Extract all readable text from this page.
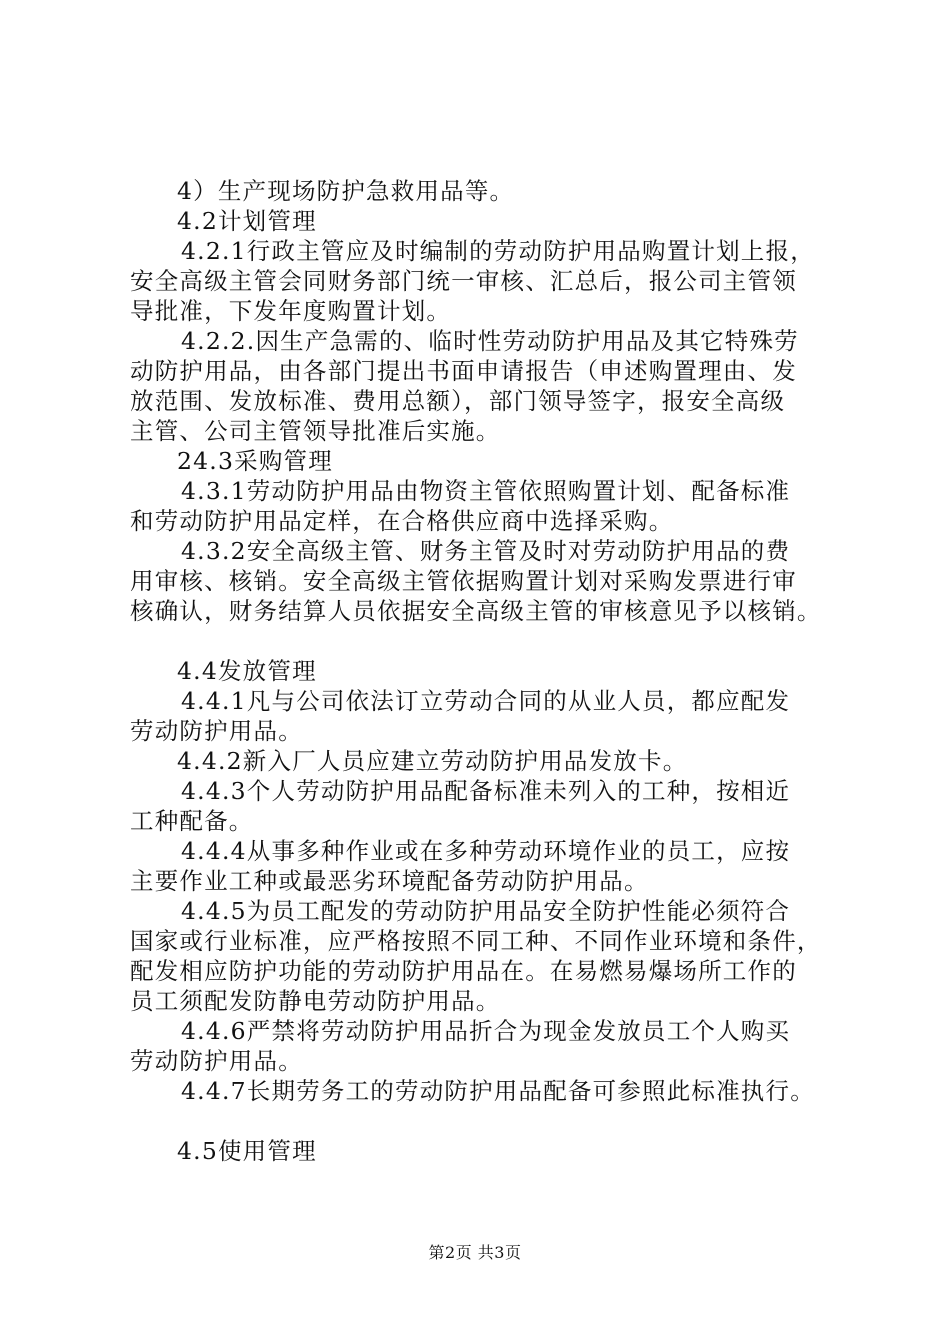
4）生产现场防护急救用品等。
4.2计划管理
4.2.1行政主管应及时编制的劳动防护用品购置计划上报，
安全高级主管会同财务部门统一审核、汇总后，报公司主管领
导批准，下发年度购置计划。
4.2.2.因生产急需的、临时性劳动防护用品及其它特殊劳
动防护用品，由各部门提出书面申请报告（申述购置理由、发
放范围、发放标准、费用总额），部门领导签字，报安全高级
主管、公司主管领导批准后实施。
24.3采购管理
4.3.1劳动防护用品由物资主管依照购置计划、配备标准
和劳动防护用品定样，在合格供应商中选择采购。
4.3.2安全高级主管、财务主管及时对劳动防护用品的费
用审核、核销。安全高级主管依据购置计划对采购发票进行审
核确认，财务结算人员依据安全高级主管的审核意见予以核销。
4.4发放管理
4.4.1凡与公司依法订立劳动合同的从业人员，都应配发
劳动防护用品。
4.4.2新入厂人员应建立劳动防护用品发放卡。
4.4.3个人劳动防护用品配备标准未列入的工种，按相近
工种配备。
4.4.4从事多种作业或在多种劳动环境作业的员工，应按
主要作业工种或最恶劣环境配备劳动防护用品。
4.4.5为员工配发的劳动防护用品安全防护性能必须符合
国家或行业标准，应严格按照不同工种、不同作业环境和条件，
配发相应防护功能的劳动防护用品在。在易燃易爆场所工作的
员工须配发防静电劳动防护用品。
4.4.6严禁将劳动防护用品折合为现金发放员工个人购买
劳动防护用品。
4.4.7长期劳务工的劳动防护用品配备可参照此标准执行。
4.5使用管理
第2页 共3页
